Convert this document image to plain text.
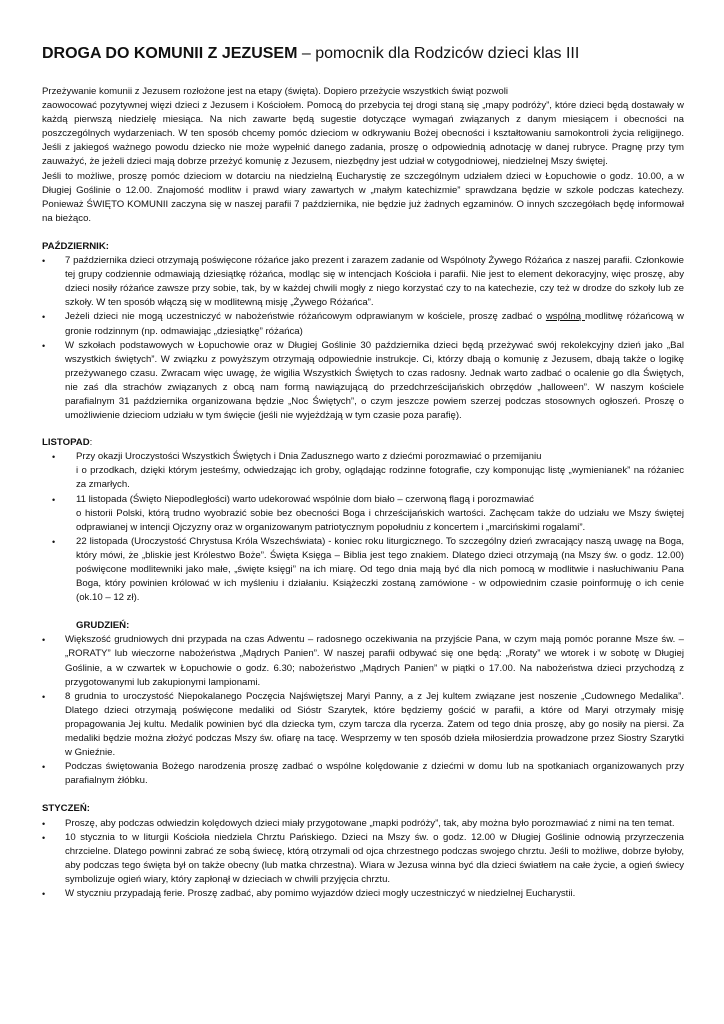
DROGA DO KOMUNII Z JEZUSEM – pomocnik dla Rodziców dzieci klas III

Przeżywanie komunii z Jezusem rozłożone jest na etapy (święta). Dopiero przeżycie wszystkich świąt pozwoli

zaowocować pozytywnej więzi dzieci z Jezusem i Kościołem. Pomocą do przebycia tej drogi staną się „mapy podróży”, które dzieci będą dostawały w każdą pierwszą niedzielę miesiąca. Na nich zawarte będą sugestie dotyczące wymagań związanych z danym miesiącem i obecności na poszczególnych wydarzeniach. W ten sposób chcemy pomóc dzieciom w odkrywaniu Bożej obecności i kształtowaniu samokontroli życia religijnego. Jeśli z jakiegoś ważnego powodu dziecko nie może wypełnić danego zadania, proszę o odpowiednią adnotację w danej rubryce. Pragnę przy tym zauważyć, że jeżeli dzieci mają dobrze przeżyć komunię z Jezusem, niezbędny jest udział w cotygodniowej, niedzielnej Mszy świętej.

Jeśli to możliwe, proszę pomóc dzieciom w dotarciu na niedzielną Eucharystię ze szczególnym udziałem dzieci w Łopuchowie o godz. 10.00, a w Długiej Goślinie o 12.00. Znajomość modlitw i prawd wiary zawartych w „małym katechizmie” sprawdzana będzie w szkole podczas katechezy. Ponieważ ŚWIĘTO KOMUNII zaczyna się w naszej parafii 7 października, nie będzie już żadnych egzaminów. O innych szczegółach będę informował na bieżąco.

PAŹDZIERNIK:
• 7 października dzieci otrzymają poświęcone różańce jako prezent i zarazem zadanie od Wspólnoty Żywego Różańca z naszej parafii. Członkowie tej grupy codziennie odmawiają dziesiątkę różańca, modląc się w intencjach Kościoła i parafii. Nie jest to element dekoracyjny, więc proszę, aby dzieci nosiły różańce zawsze przy sobie, tak, by w każdej chwili mogły z niego korzystać czy to na katechezie, czy też w drodze do szkoły lub ze szkoły. W ten sposób włączą się w modlitewną misję „Żywego Różańca”.
• Jeżeli dzieci nie mogą uczestniczyć w nabożeństwie różańcowym odprawianym w kościele, proszę zadbać o wspólną modlitwę różańcową w gronie rodzinnym (np. odmawiając „dziesiątkę” różańca)
• W szkołach podstawowych w Łopuchowie oraz w Długiej Goślinie 30 października dzieci będą przeżywać swój rekolekcyjny dzień jako „Bal wszystkich świętych”. W związku z powyższym otrzymają odpowiednie instrukcje. Ci, którzy dbają o komunię z Jezusem, dbają także o logikę przeżywanego czasu. Zwracam więc uwagę, że wigilia Wszystkich Świętych to czas radosny. Jednak warto zadbać o ocalenie go dla Świętych, nie zaś dla strachów związanych z obcą nam formą nawiązującą do przedchrześcijańskich obrzędów „halloween”. W naszym kościele parafialnym 31 października organizowana będzie „Noc Świętych”, o czym jeszcze powiem szerzej podczas stosownych ogłoszeń. Proszę o umożliwienie dzieciom udziału w tym święcie (jeśli nie wyjeżdżają w tym czasie poza parafię).
LISTOPAD:
• Przy okazji Uroczystości Wszystkich Świętych i Dnia Zadusznego warto z dziećmi porozmawiać o przemijaniu
i o przodkach, dzięki którym jesteśmy, odwiedzając ich groby, oglądając rodzinne fotografie, czy komponując listę „wymienianek” na różaniec za zmarłych.
• 11 listopada (Święto Niepodległości) warto udekorować wspólnie dom biało – czerwoną flagą i porozmawiać
o historii Polski, którą trudno wyobrazić sobie bez obecności Boga i chrześcijańskich wartości. Zachęcam także do udziału we Mszy świętej odprawianej w intencji Ojczyzny oraz w organizowanym patriotycznym popołudniu z koncertem i „marcińskimi rogalami”.
• 22 listopada (Uroczystość Chrystusa Króla Wszechświata) - koniec roku liturgicznego. To szczególny dzień zwracający naszą uwagę na Boga, który mówi, że „bliskie jest Królestwo Boże”. Święta Księga – Biblia jest tego znakiem. Dlatego dzieci otrzymają (na Mszy św. o godz. 12.00) poświęcone modlitewniki jako małe, „święte księgi” na ich miarę. Od tego dnia mają być dla nich pomocą w modlitwie i nasłuchiwaniu Pana Boga, który powinien królować w ich myśleniu i działaniu. Książeczki zostaną zamówione - w odpowiednim czasie poinformuję o ich cenie (ok.10 – 12 zł).
GRUDZIEŃ:
• Większość grudniowych dni przypada na czas Adwentu – radosnego oczekiwania na przyjście Pana, w czym mają pomóc poranne Msze św. – „RORATY” lub wieczorne nabożeństwa „Mądrych Panien”. W naszej parafii odbywać się one będą: „Roraty” we wtorek i w sobotę w Długiej Goślinie, a w czwartek w Łopuchowie o godz. 6.30; nabożeństwo „Mądrych Panien” w piątki o 17.00. Na nabożeństwa dzieci przychodzą z przygotowanymi lub zakupionymi lampionami.
• 8 grudnia to uroczystość Niepokalanego Poczęcia Najświętszej Maryi Panny, a z Jej kultem związane jest noszenie „Cudownego Medalika”. Dlatego dzieci otrzymają poświęcone medaliki od Sióstr Szarytek, które będziemy gościć w parafii, a które od Maryi otrzymały misję propagowania Jej kultu. Medalik powinien być dla dziecka tym, czym tarcza dla rycerza. Zatem od tego dnia proszę, aby go nosiły na piersi. Za medaliki będzie można złożyć podczas Mszy św. ofiarę na tacę. Wesprzemy w ten sposób dzieła miłosierdzia prowadzone przez Siostry Szarytki w Gnieźnie.
• Podczas świętowania Bożego narodzenia proszę zadbać o wspólne kolędowanie z dziećmi w domu lub na spotkaniach organizowanych przy parafialnym żłóbku.
STYCZEŃ:
• Proszę, aby podczas odwiedzin kolędowych dzieci miały przygotowane „mapki podróży”, tak, aby można było porozmawiać z nimi na ten temat.
• 10 stycznia to w liturgii Kościoła niedziela Chrztu Pańskiego. Dzieci na Mszy św. o godz. 12.00 w Długiej Goślinie odnowią przyrzeczenia chrzcielne. Dlatego powinni zabrać ze sobą świecę, którą otrzymali od ojca chrzestnego podczas swojego chrztu. Jeśli to możliwe, dobrze byłoby, aby podczas tego święta był on także obecny (lub matka chrzestna). Wiara w Jezusa winna być dla dzieci światłem na całe życie, a ogień świecy symbolizuje ogień wiary, który zapłonął w dzieciach w chwili przyjęcia chrztu.
• W styczniu przypadają ferie. Proszę zadbać, aby pomimo wyjazdów dzieci mogły uczestniczyć w niedzielnej Eucharystii.
